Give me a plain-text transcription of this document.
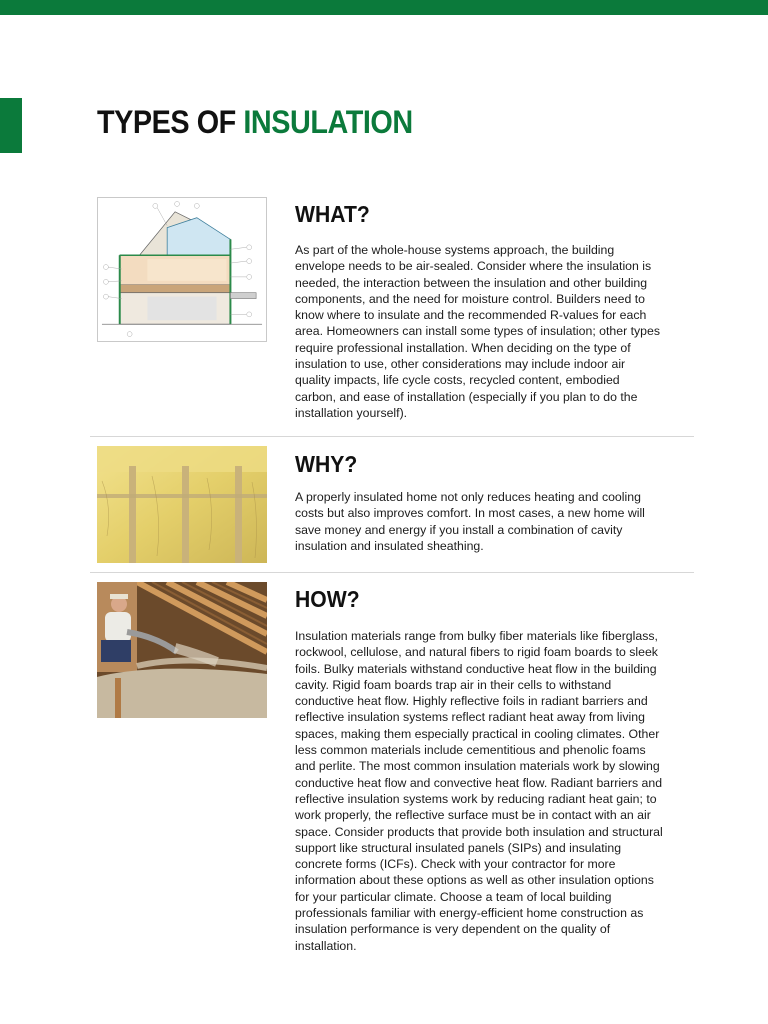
TYPES OF INSULATION
WHAT?

As part of the whole-house systems approach, the building envelope needs to be air-sealed. Consider where the insulation is needed, the interaction between the insulation and other building components, and the need for moisture control. Builders need to know where to insulate and the recommended R-values for each area. Homeowners can install some types of insulation; other types require professional installation. When deciding on the type of insulation to use, other considerations may include indoor air quality impacts, life cycle costs, recycled content, embodied carbon, and ease of installation (especially if you plan to do the installation yourself).

WHY?

A properly insulated home not only reduces heating and cooling costs but also improves comfort. In most cases, a new home will save money and energy if you install a combination of cavity insulation and insulated sheathing.

HOW?

Insulation materials range from bulky fiber materials like fiberglass, rockwool, cellulose, and natural fibers to rigid foam boards to sleek foils. Bulky materials withstand conductive heat flow in the building cavity. Rigid foam boards trap air in their cells to withstand conductive heat flow. Highly reflective foils in radiant barriers and reflective insulation systems reflect radiant heat away from living spaces, making them especially practical in cooling climates. Other less common materials include cementitious and phenolic foams and perlite. The most common insulation materials work by slowing conductive heat flow and convective heat flow. Radiant barriers and reflective insulation systems work by reducing radiant heat gain; to work properly, the reflective surface must be in contact with an air space. Consider products that provide both insulation and structural support like structural insulated panels (SIPs) and insulating concrete forms (ICFs). Check with your contractor for more information about these options as well as other insulation options for your particular climate. Choose a team of local building professionals familiar with energy-efficient home construction as insulation performance is very dependent on the quality of installation.
